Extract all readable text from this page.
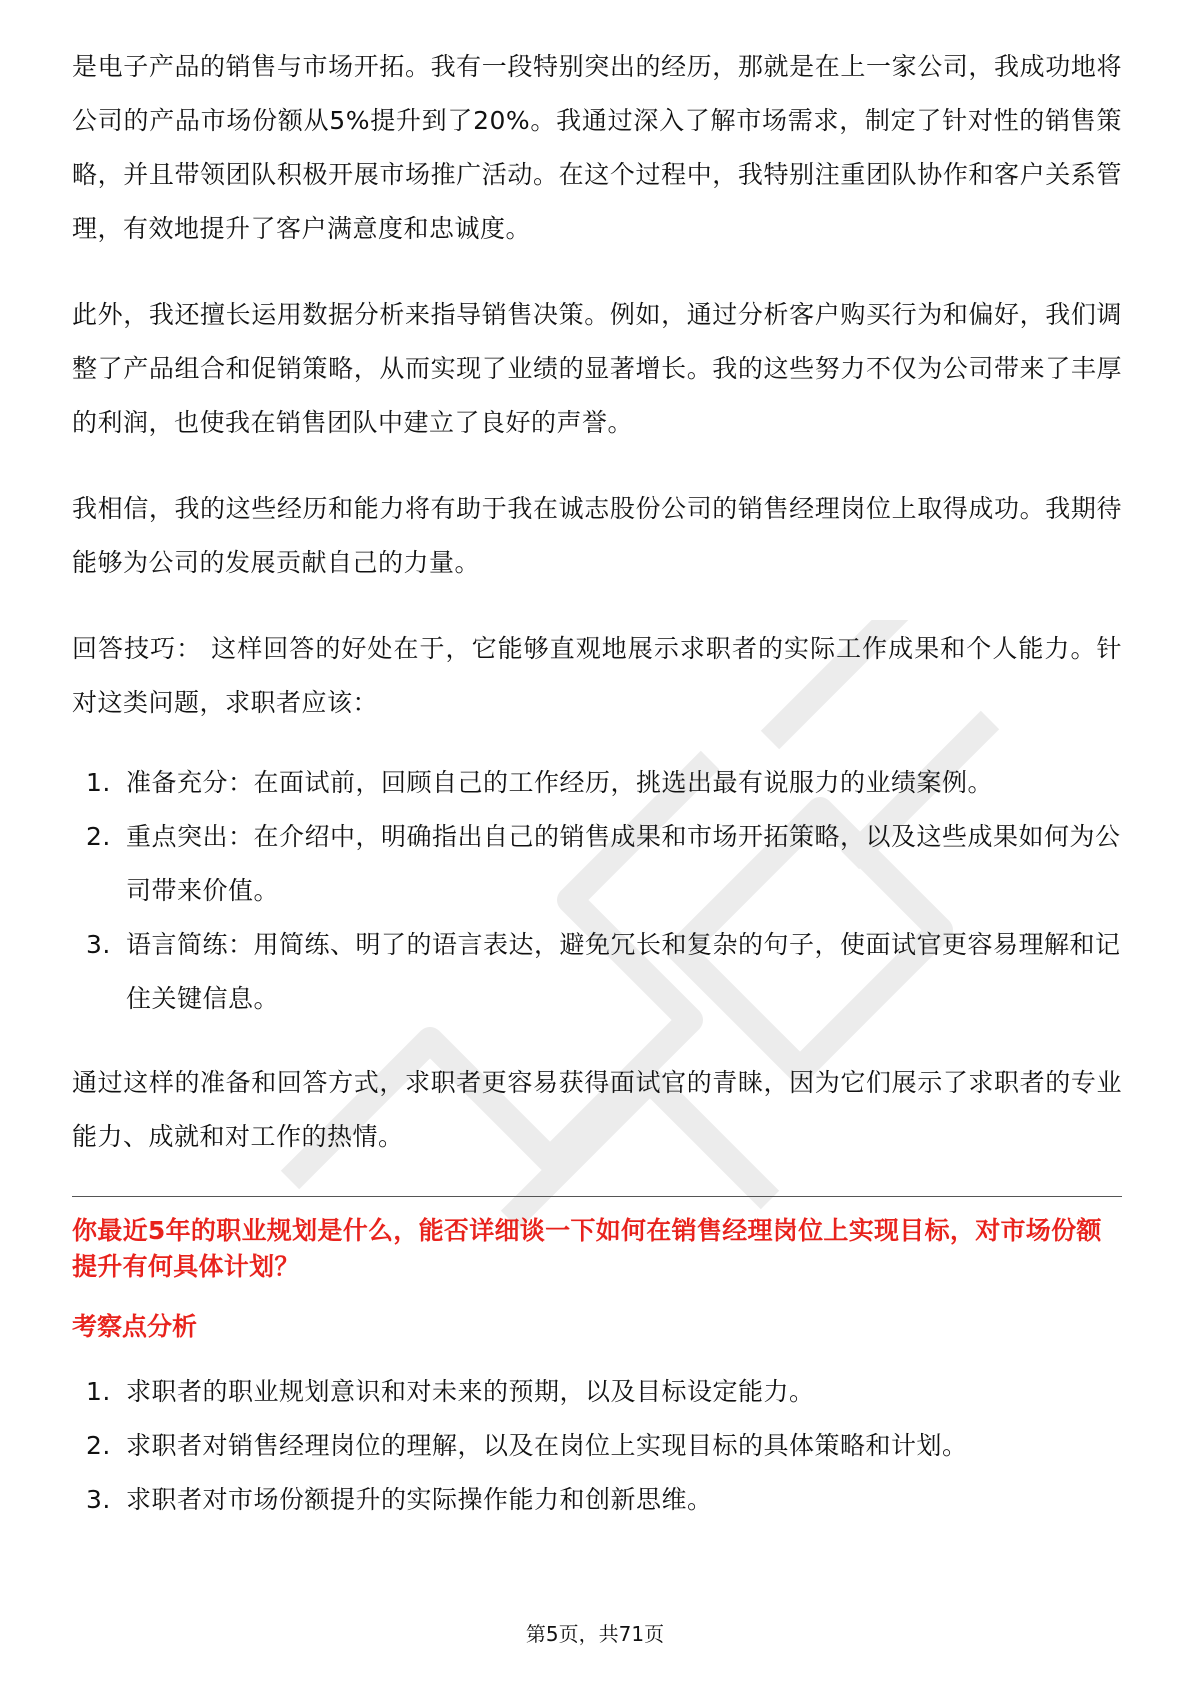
是电子产品的销售与市场开拓。我有一段特别突出的经历，那就是在上一家公司，我成功地将公司的产品市场份额从5%提升到了20%。我通过深入了解市场需求，制定了针对性的销售策略，并且带领团队积极开展市场推广活动。在这个过程中，我特别注重团队协作和客户关系管理，有效地提升了客户满意度和忠诚度。

此外，我还擅长运用数据分析来指导销售决策。例如，通过分析客户购买行为和偏好，我们调整了产品组合和促销策略，从而实现了业绩的显著增长。我的这些努力不仅为公司带来了丰厚的利润，也使我在销售团队中建立了良好的声誉。

我相信，我的这些经历和能力将有助于我在诚志股份公司的销售经理岗位上取得成功。我期待能够为公司的发展贡献自己的力量。

回答技巧： 这样回答的好处在于，它能够直观地展示求职者的实际工作成果和个人能力。针对这类问题，求职者应该：

1. 准备充分：在面试前，回顾自己的工作经历，挑选出最有说服力的业绩案例。
2. 重点突出：在介绍中，明确指出自己的销售成果和市场开拓策略，以及这些成果如何为公司带来价值。
3. 语言简练：用简练、明了的语言表达，避免冗长和复杂的句子，使面试官更容易理解和记住关键信息。

通过这样的准备和回答方式，求职者更容易获得面试官的青睐，因为它们展示了求职者的专业能力、成就和对工作的热情。

你最近5年的职业规划是什么，能否详细谈一下如何在销售经理岗位上实现目标，对市场份额提升有何具体计划？

考察点分析

1. 求职者的职业规划意识和对未来的预期，以及目标设定能力。
2. 求职者对销售经理岗位的理解，以及在岗位上实现目标的具体策略和计划。
3. 求职者对市场份额提升的实际操作能力和创新思维。
第5页，共71页
